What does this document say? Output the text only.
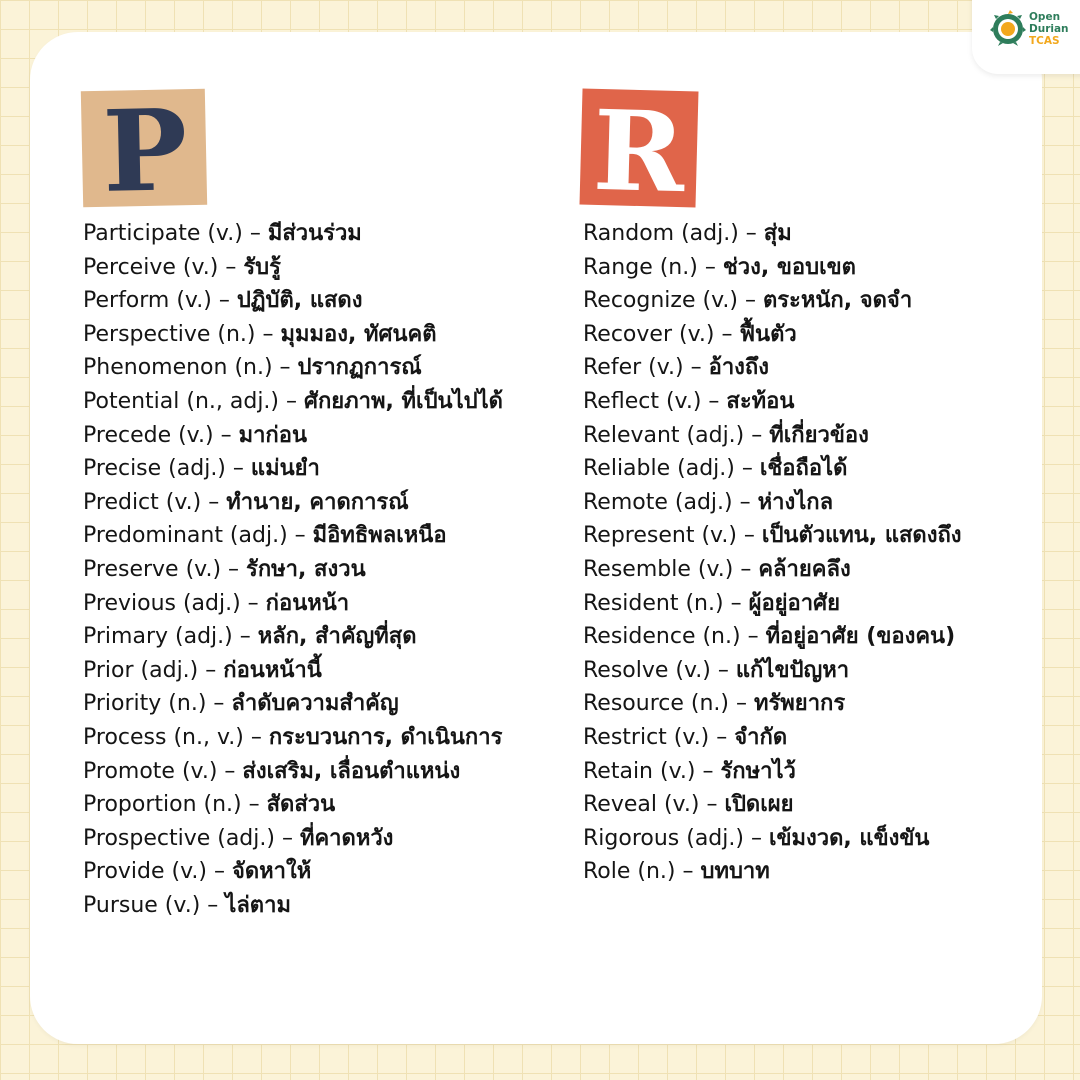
P	R
Participate (v.) – มีส่วนร่วม
Perceive (v.) – รับรู้
Perform (v.) – ปฏิบัติ, แสดง
Perspective (n.) – มุมมอง, ทัศนคติ
Phenomenon (n.) – ปรากฏการณ์
Potential (n., adj.) – ศักยภาพ, ที่เป็นไปได้
Precede (v.) – มาก่อน
Precise (adj.) – แม่นยำ
Predict (v.) – ทำนาย, คาดการณ์
Predominant (adj.) – มีอิทธิพลเหนือ
Preserve (v.) – รักษา, สงวน
Previous (adj.) – ก่อนหน้า
Primary (adj.) – หลัก, สำคัญที่สุด
Prior (adj.) – ก่อนหน้านี้
Priority (n.) – ลำดับความสำคัญ
Process (n., v.) – กระบวนการ, ดำเนินการ
Promote (v.) – ส่งเสริม, เลื่อนตำแหน่ง
Proportion (n.) – สัดส่วน
Prospective (adj.) – ที่คาดหวัง
Provide (v.) – จัดหาให้
Pursue (v.) – ไล่ตาม
Random (adj.) – สุ่ม
Range (n.) – ช่วง, ขอบเขต
Recognize (v.) – ตระหนัก, จดจำ
Recover (v.) – ฟื้นตัว
Refer (v.) – อ้างถึง
Reflect (v.) – สะท้อน
Relevant (adj.) – ที่เกี่ยวข้อง
Reliable (adj.) – เชื่อถือได้
Remote (adj.) – ห่างไกล
Represent (v.) – เป็นตัวแทน, แสดงถึง
Resemble (v.) – คล้ายคลึง
Resident (n.) – ผู้อยู่อาศัย
Residence (n.) – ที่อยู่อาศัย (ของคน)
Resolve (v.) – แก้ไขปัญหา
Resource (n.) – ทรัพยากร
Restrict (v.) – จำกัด
Retain (v.) – รักษาไว้
Reveal (v.) – เปิดเผย
Rigorous (adj.) – เข้มงวด, แข็งขัน
Role (n.) – บทบาท
Open
Durian
TCAS
